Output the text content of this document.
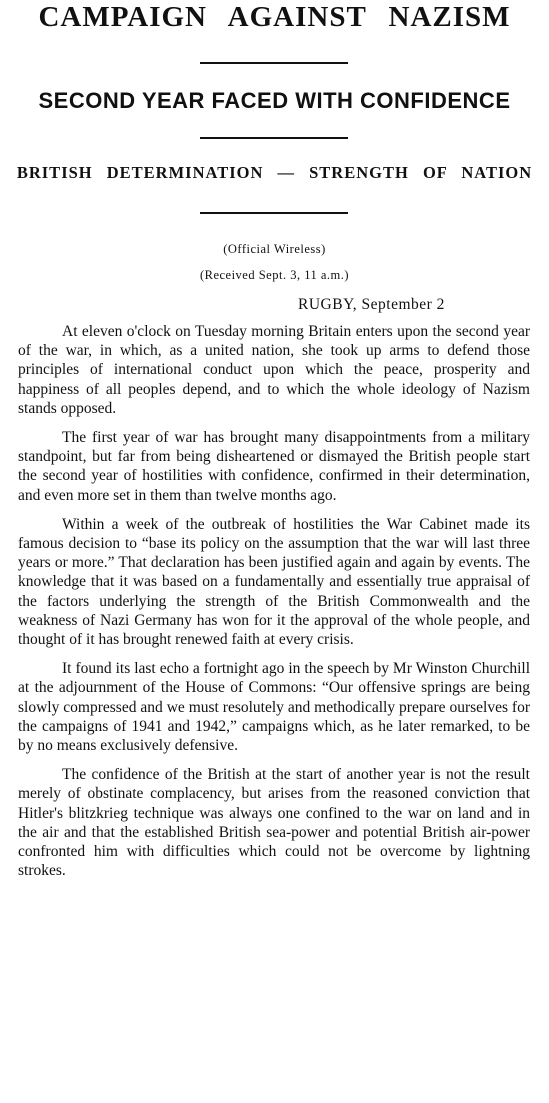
CAMPAIGN AGAINST NAZISM
SECOND YEAR FACED WITH CONFIDENCE
BRITISH DETERMINATION — STRENGTH OF NATION
(Official Wireless)
(Received Sept. 3, 11 a.m.)
RUGBY, September 2

At eleven o'clock on Tuesday morning Britain enters upon the second year of the war, in which, as a united nation, she took up arms to defend those principles of international conduct upon which the peace, prosperity and happiness of all peoples depend, and to which the whole ideology of Nazism stands opposed.

The first year of war has brought many disappointments from a military standpoint, but far from being disheartened or dismayed the British people start the second year of hostilities with confidence, confirmed in their determination, and even more set in them than twelve months ago.

Within a week of the outbreak of hostilities the War Cabinet made its famous decision to “base its policy on the assumption that the war will last three years or more.” That declaration has been justified again and again by events. The knowledge that it was based on a fundamentally and essentially true appraisal of the factors underlying the strength of the British Commonwealth and the weakness of Nazi Germany has won for it the approval of the whole people, and thought of it has brought renewed faith at every crisis.

It found its last echo a fortnight ago in the speech by Mr Winston Churchill at the adjournment of the House of Commons: “Our offensive springs are being slowly compressed and we must resolutely and methodically prepare ourselves for the campaigns of 1941 and 1942,” campaigns which, as he later remarked, to be by no means exclusively defensive.

The confidence of the British at the start of another year is not the result merely of obstinate complacency, but arises from the reasoned conviction that Hitler's blitzkrieg technique was always one confined to the war on land and in the air and that the established British sea-power and potential British air-power confronted him with difficulties which could not be overcome by lightning strokes.
